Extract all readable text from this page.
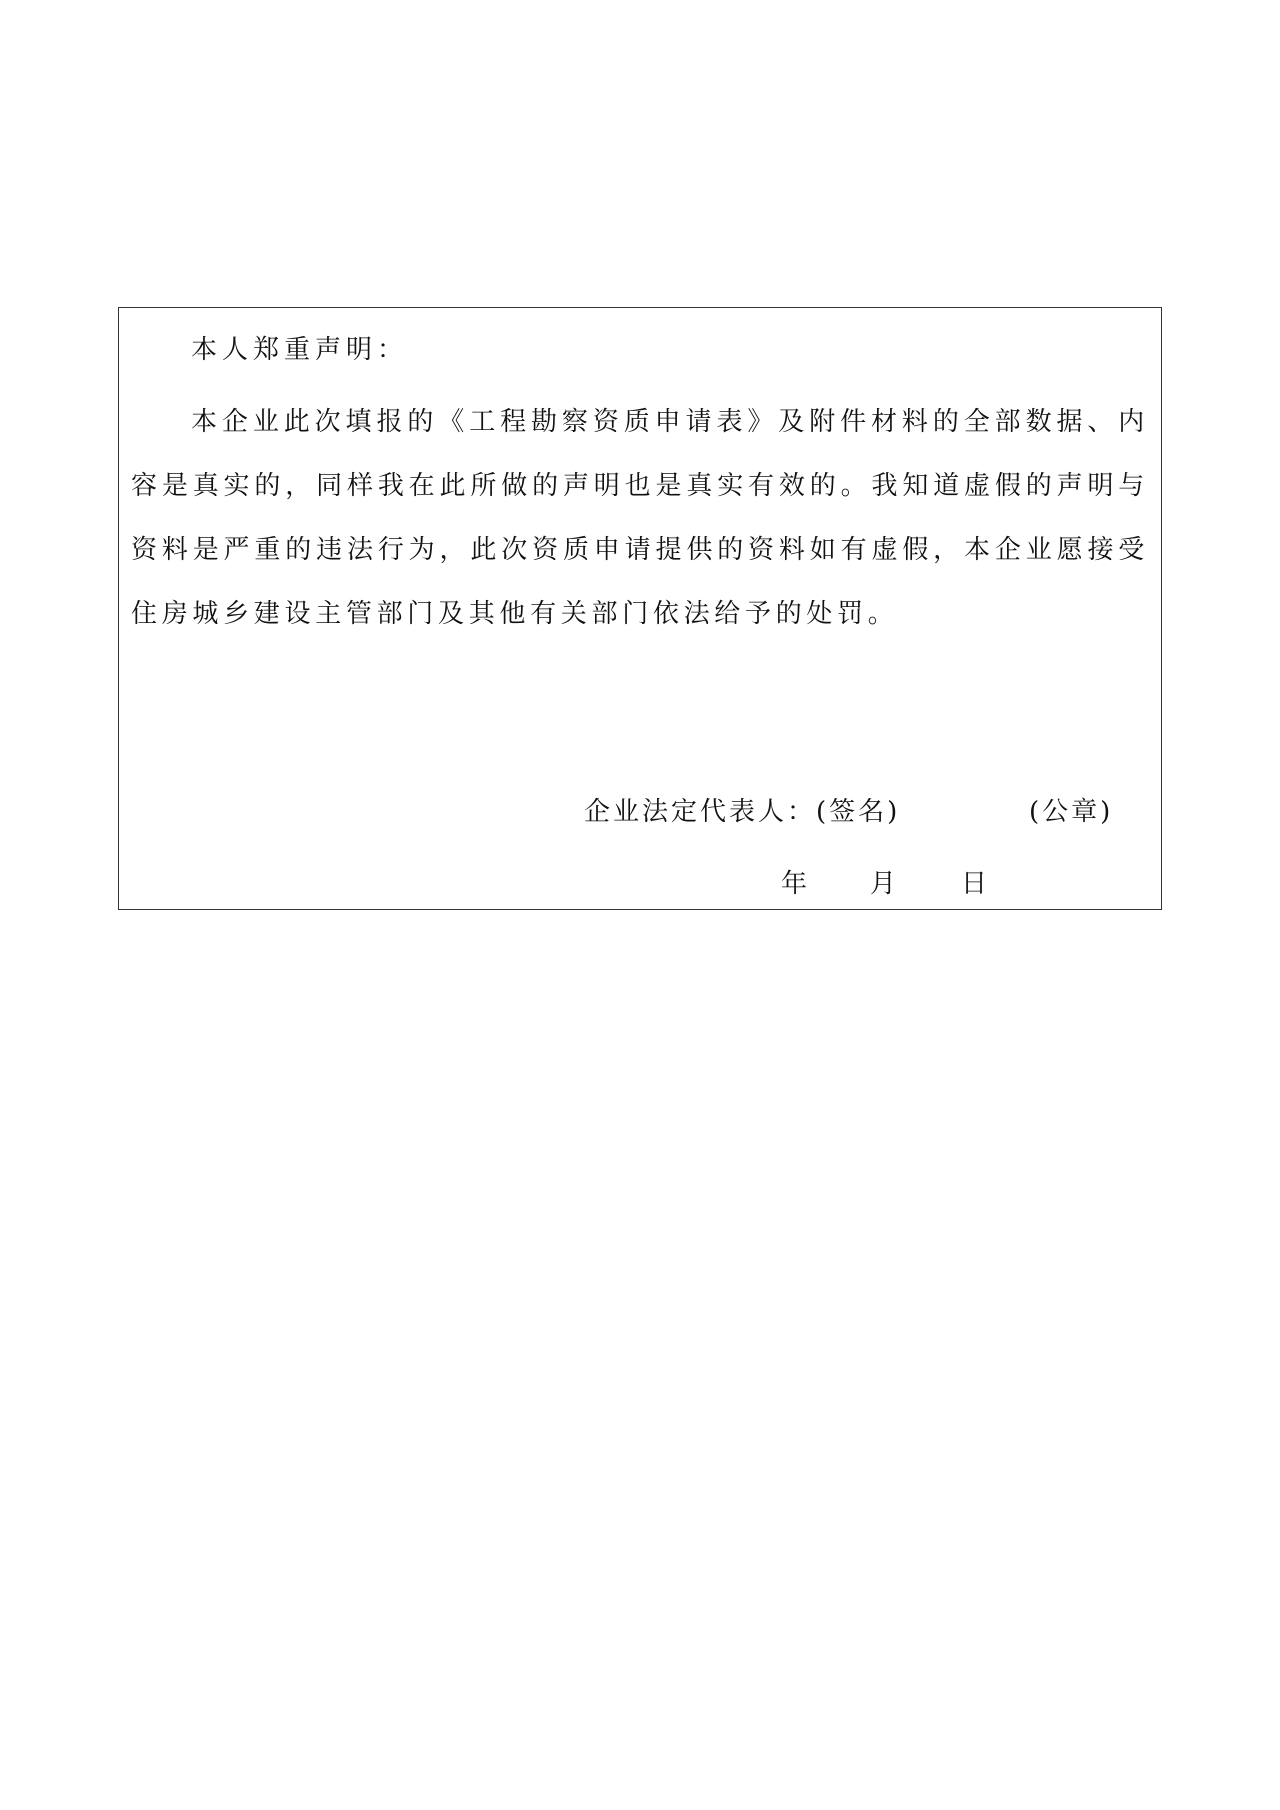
本人郑重声明：

本企业此次填报的《工程勘察资质申请表》及附件材料的全部数据、内容是真实的，同样我在此所做的声明也是真实有效的。我知道虚假的声明与资料是严重的违法行为，此次资质申请提供的资料如有虚假，本企业愿接受住房城乡建设主管部门及其他有关部门依法给予的处罚。

企业法定代表人：(签名)	(公章)
年 月 日
